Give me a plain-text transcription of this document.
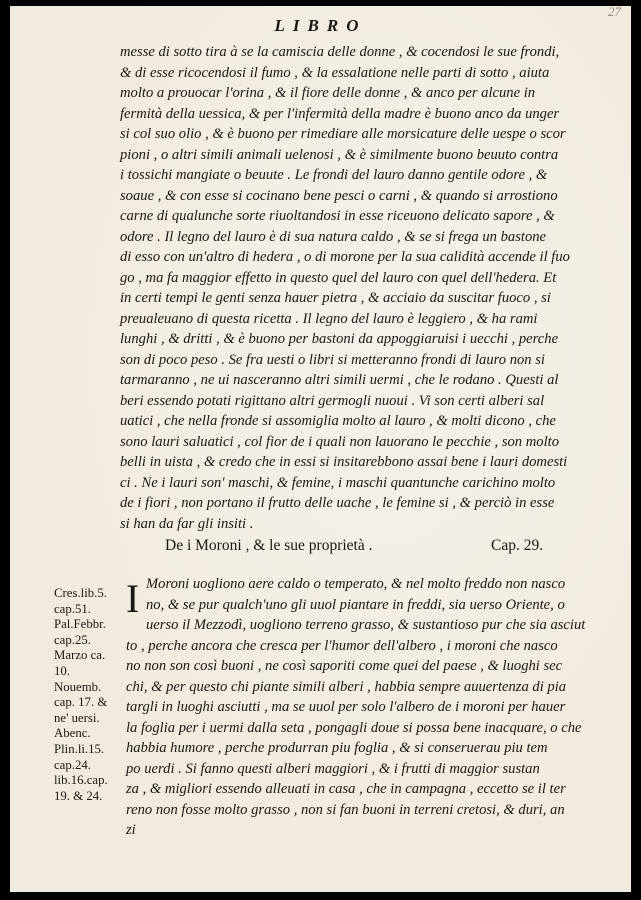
27
LIBRO
messe di sotto tira à se la camiscia delle donne , & cocendosi le sue frondi,
& di esse ricocendosi il fumo , & la essalatione nelle parti di sotto , aiuta
molto a prouocar l'orina , & il fiore delle donne , & anco per alcune in
fermità della uessica, & per l'infermità della madre è buono anco da unger
si col suo olio , & è buono per rimediare alle morsicature delle uespe o scor
pioni , o altri simili animali uelenosi , & è similmente buono beuuto contra
i tossichi mangiate o beuute . Le frondi del lauro danno gentile odore , &
soaue , & con esse si cocinano bene pesci o carni , & quando si arrostiono
carne di qualunche sorte riuoltandosi in esse riceuono delicato sapore , &
odore . Il legno del lauro è di sua natura caldo , & se si frega un bastone
di esso con un'altro di hedera , o di morone per la sua calidità accende il fuo
go , ma fa maggior effetto in questo quel del lauro con quel dell'hedera. Et
in certi tempi le genti senza hauer pietra , & acciaio da suscitar fuoco , si
preualeuano di questa ricetta . Il legno del lauro è leggiero , & ha rami
lunghi , & dritti , & è buono per bastoni da appoggiaruisi i uecchi , perche
son di poco peso . Se fra uesti o libri si metteranno frondi di lauro non si
tarmaranno , ne ui nasceranno altri simili uermi , che le rodano . Questi al
beri essendo potati rigittano altri germogli nuoui . Vi son certi alberi sal
uatici , che nella fronde si assomiglia molto al lauro , & molti dicono , che
sono lauri saluatici , col fior de i quali non lauorano le pecchie , son molto
belli in uista , & credo che in essi si insitarebbono assai bene i lauri domesti
ci . Ne i lauri son' maschi, & femine, i maschi quantunche carichino molto
de i fiori , non portano il frutto delle uache , le femine si , & perciò in esse
si han da far gli insiti .
De i Moroni , & le sue proprietà .	Cap. 29.
Cres.lib.5.
cap.51.
Pal.Febbr.
cap.25.
Marzo ca.
10.
Nouemb.
cap. 17. &
ne' uersi.
Abenc.
Plin.li.15.
cap.24.
lib.16.cap.
19. & 24.
I Moroni uogliono aere caldo o temperato, & nel molto freddo non nasco
no, & se pur qualch'uno gli uuol piantare in freddi, sia uerso Oriente, o
uerso il Mezzodì, uogliono terreno grasso, & sustantioso pur che sia asciut
to , perche ancora che cresca per l'humor dell'albero , i moroni che nasco
no non son così buoni , ne così saporiti come quei del paese , & luoghi sec
chi, & per questo chi piante simili alberi , habbia sempre auuertenza di pia
targli in luoghi asciutti , ma se uuol per solo l'albero de i moroni per hauer
la foglia per i uermi dalla seta , pongagli doue si possa bene inacquare, o che
habbia humore , perche produrran piu foglia , & si conseruerau piu tem
po uerdi . Si fanno questi alberi maggiori , & i frutti di maggior sustan
za , & migliori essendo alleuati in casa , che in campagna , eccetto se il ter
reno non fosse molto grasso , non si fan buoni in terreni cretosi, & duri, an
zi
